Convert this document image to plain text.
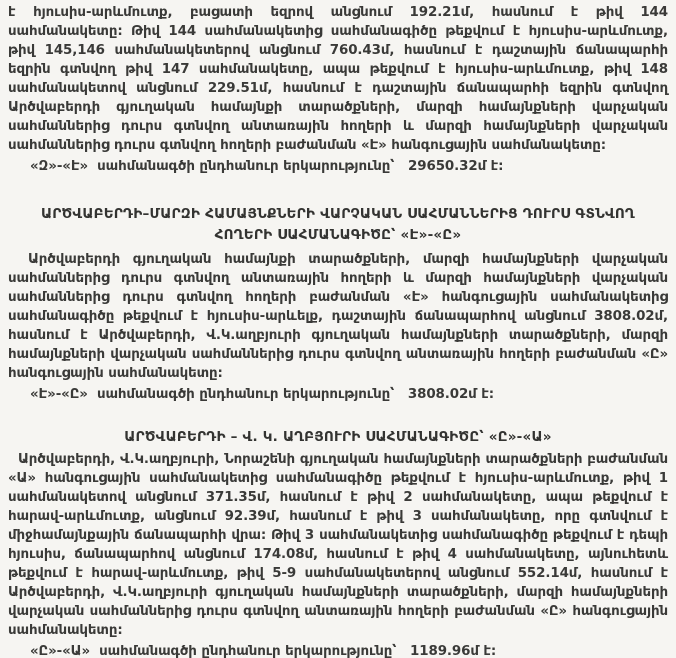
է հյուսիս-արևմուտք, բացատի եզրով անցնում 192.21մ, հասնում է թիվ 144 սահմանակետը: Թիվ 144 սահմանակետից սահմանագիծը թեքվում է հյուսիս-արևմուտք, թիվ 145,146 սահմանակետերով անցնում 760.43մ, հասնում է դաշտային ճանապարհի եզրին գտնվող թիվ 147 սահմանակետը, ապա թեքվում է հյուսիս-արևմուտք, թիվ 148 սահմանակետով անցնում 229.51մ, հասնում է դաշտային ճանապարհի եզրին գտնվող Արծվաբերդի գյուղական համայնքի տարածքների, մարզի համայնքների վարչական սահմաններից դուրս գտնվող անտառային հողերի և մարզի համայնքների վարչական սահմաններից դուրս գտնվող հողերի բաժանման «Է» հանգուցային սահմանակետը:

«Զ»-«Է»  սահմանագծի ընդհանուր երկարությունը՝   29650.32մ է:

ԱՐԾՎԱԲԵՐԴԻ–ՄԱՐԶԻ ՀԱՄԱՅՆՔՆԵՐԻ ՎԱՐՉԱԿԱՆ ՍԱՀՄԱՆՆԵՐԻՑ ԴՈՒՐՍ ԳՏՆՎՈՂ
ՀՈՂԵՐԻ ՍԱՀՄԱՆԱԳԻԾԸ՝ «Է»-«Ը»

Արծվաբերդի գյուղական համայնքի տարածքների, մարզի համայնքների վարչական սահմաններից դուրս գտնվող անտառային հողերի և մարզի համայնքների վարչական սահմաններից դուրս գտնվող հողերի բաժանման «Է» հանգուցային սահմանակետից սահմանագիծը թեքվում է հյուսիս-արևելք, դաշտային ճանապարհով անցնում 3808.02մ, հասնում է Արծվաբերդի, Վ.Կ.աղբյուրի գյուղական համայնքների տարածքների, մարզի համայնքների վարչական սահմաններից դուրս գտնվող անտառային հողերի բաժանման «Ը» հանգուցային սահմանակետը:

«Է»-«Ը»  սահմանագծի ընդհանուր երկարությունը՝   3808.02մ է:

ԱՐԾՎԱԲԵՐԴԻ – Վ. Կ. ԱՂԲՅՈՒՐԻ ՍԱՀՄԱՆԱԳԻԾԸ՝ «Ը»-«Ա»

Արծվաբերդի, Վ.Կ.աղբյուրի, Նորաշենի գյուղական համայնքների տարածքների բաժանման «Ա» հանգուցային սահմանակետից սահմանագիծը թեքվում է հյուսիս-արևմուտք, թիվ 1 սահմանակետով անցնում 371.35մ, հասնում է թիվ 2 սահմանակետը, ապա թեքվում է հարավ-արևմուտք, անցնում 92.39մ, հասնում է թիվ 3 սահմանակետը, որը գտնվում է միջհամայնքային ճանապարհի վրա: Թիվ 3 սահմանակետից սահմանագիծը թեքվում է դեպի հյուսիս, ճանապարհով անցնում 174.08մ, հասնում է թիվ 4 սահմանակետը, այնուհետև թեքվում է հարավ-արևմուտք, թիվ 5-9 սահմանակետերով անցնում 552.14մ, հասնում է Արծվաբերդի, Վ.Կ.աղբյուրի գյուղական համայնքների տարածքների, մարզի համայնքների վարչական սահմաններից դուրս գտնվող անտառային հողերի բաժանման «Ը» հանգուցային սահմանակետը:

«Ը»-«Ա»  սահմանագծի ընդհանուր երկարությունը՝   1189.96մ է:
